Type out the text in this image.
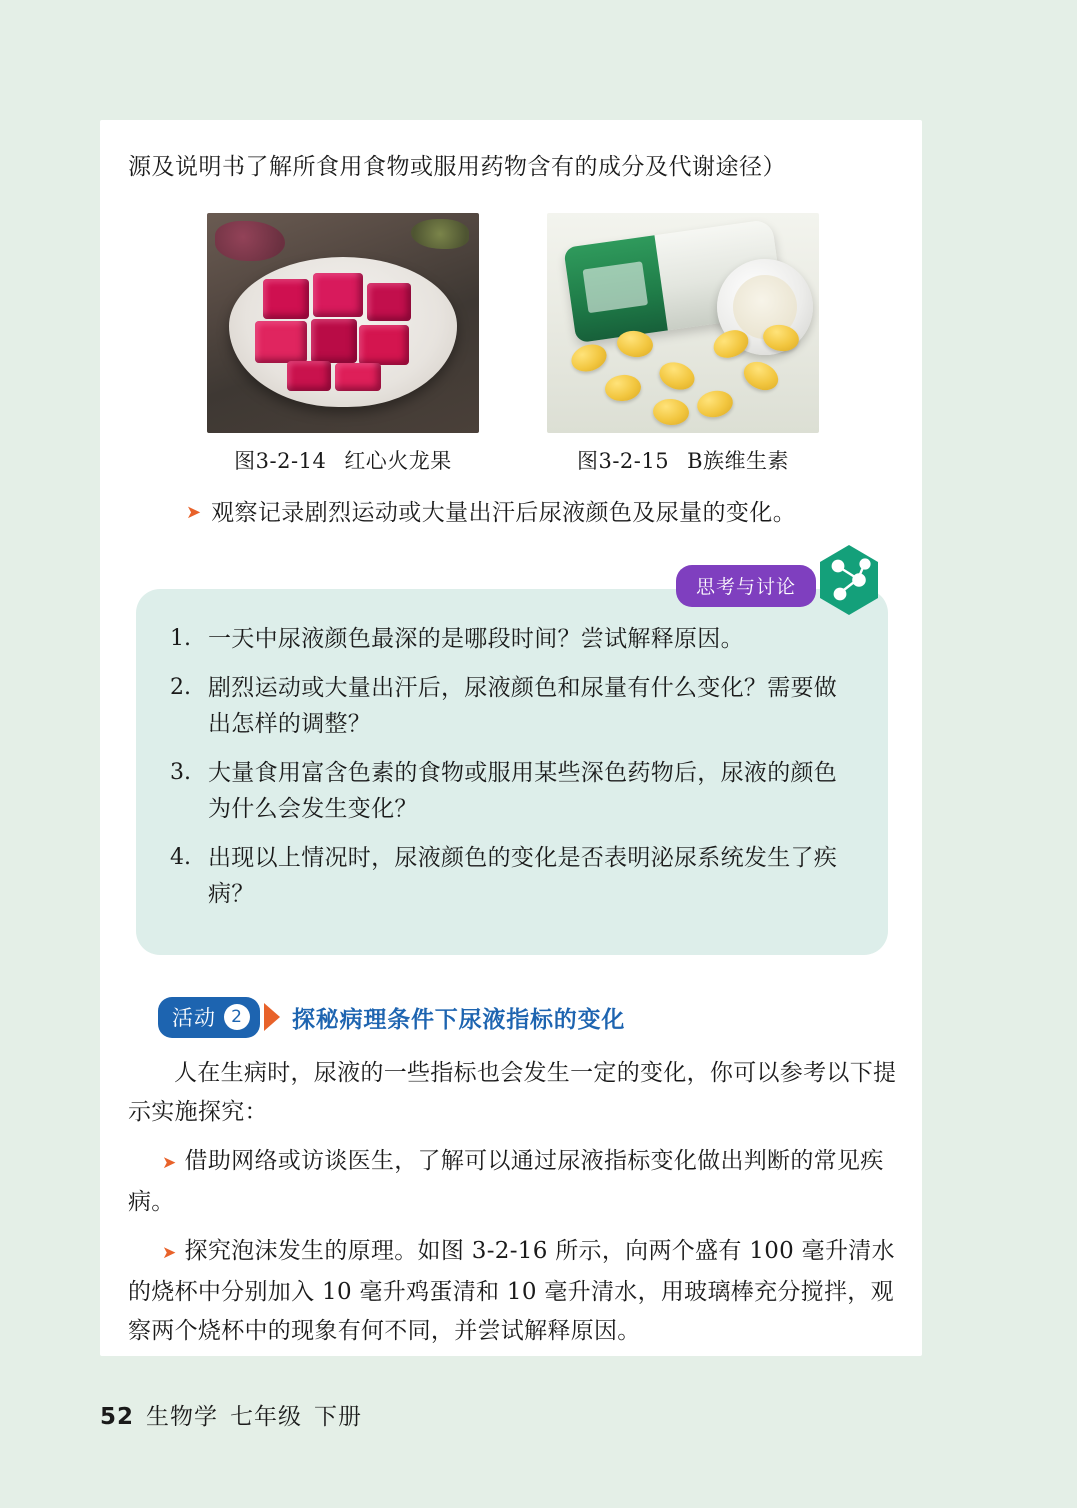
源及说明书了解所食用食物或服用药物含有的成分及代谢途径）
图3-2-14 红心火龙果	图3-2-15 B族维生素
➤ 观察记录剧烈运动或大量出汗后尿液颜色及尿量的变化。
思考与讨论
1. 一天中尿液颜色最深的是哪段时间？尝试解释原因。
2. 剧烈运动或大量出汗后，尿液颜色和尿量有什么变化？需要做出怎样的调整？
3. 大量食用富含色素的食物或服用某些深色药物后，尿液的颜色为什么会发生变化？
4. 出现以上情况时，尿液颜色的变化是否表明泌尿系统发生了疾病？
活动 2	探秘病理条件下尿液指标的变化
人在生病时，尿液的一些指标也会发生一定的变化，你可以参考以下提示实施探究：
➤ 借助网络或访谈医生，了解可以通过尿液指标变化做出判断的常见疾病。
➤ 探究泡沫发生的原理。如图 3-2-16 所示，向两个盛有 100 毫升清水的烧杯中分别加入 10 毫升鸡蛋清和 10 毫升清水，用玻璃棒充分搅拌，观察两个烧杯中的现象有何不同，并尝试解释原因。
52 生物学 七年级 下册
